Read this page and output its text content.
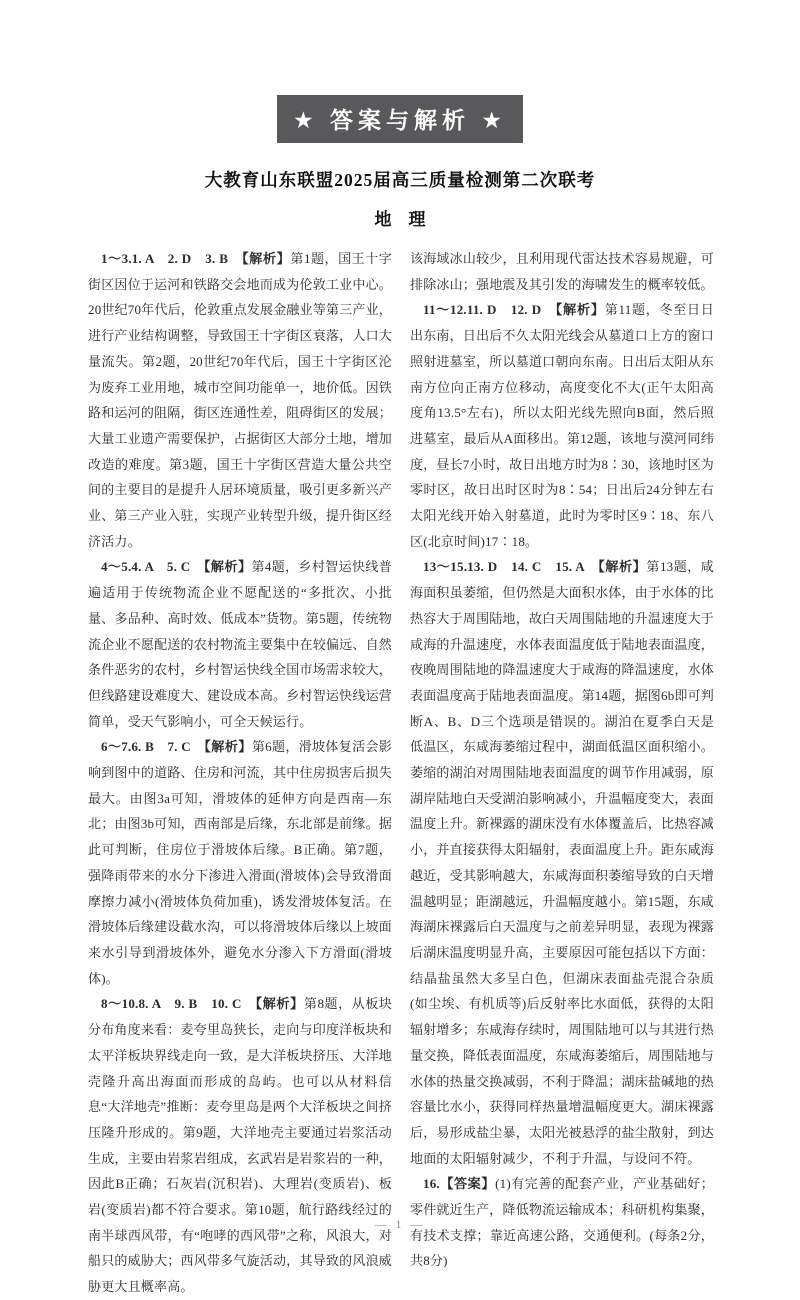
★ 答案与解析 ★
大教育山东联盟2025届高三质量检测第二次联考
地　理

1～3.1. A　2. D　3. B　【解析】第1题，国王十字街区因位于运河和铁路交会地而成为伦敦工业中心。20世纪70年代后，伦敦重点发展金融业等第三产业，进行产业结构调整，导致国王十字街区衰落，人口大量流失。第2题，20世纪70年代后，国王十字街区沦为废弃工业用地，城市空间功能单一，地价低。因铁路和运河的阻隔，街区连通性差，阻碍街区的发展；大量工业遗产需要保护，占据街区大部分土地，增加改造的难度。第3题，国王十字街区营造大量公共空间的主要目的是提升人居环境质量，吸引更多新兴产业、第三产业入驻，实现产业转型升级，提升街区经济活力。

4～5.4. A　5. C　【解析】第4题，乡村智运快线普遍适用于传统物流企业不愿配送的“多批次、小批量、多品种、高时效、低成本”货物。第5题，传统物流企业不愿配送的农村物流主要集中在较偏远、自然条件恶劣的农村，乡村智运快线全国市场需求较大，但线路建设难度大、建设成本高。乡村智运快线运营简单，受天气影响小，可全天候运行。

6～7.6. B　7. C　【解析】第6题，滑坡体复活会影响到图中的道路、住房和河流，其中住房损害后损失最大。由图3a可知，滑坡体的延伸方向是西南—东北；由图3b可知，西南部是后缘，东北部是前缘。据此可判断，住房位于滑坡体后缘。B正确。第7题，强降雨带来的水分下渗进入滑面(滑坡体)会导致滑面摩擦力减小(滑坡体负荷加重)，诱发滑坡体复活。在滑坡体后缘建设截水沟，可以将滑坡体后缘以上坡面来水引导到滑坡体外，避免水分渗入下方滑面(滑坡体)。

8～10.8. A　9. B　10. C　【解析】第8题，从板块分布角度来看：麦夸里岛狭长，走向与印度洋板块和太平洋板块界线走向一致，是大洋板块挤压、大洋地壳隆升高出海面而形成的岛屿。也可以从材料信息“大洋地壳”推断：麦夸里岛是两个大洋板块之间挤压隆升形成的。第9题，大洋地壳主要通过岩浆活动生成，主要由岩浆岩组成，玄武岩是岩浆岩的一种，因此B正确；石灰岩(沉积岩)、大理岩(变质岩)、板岩(变质岩)都不符合要求。第10题，航行路线经过的南半球西风带，有“咆哮的西风带”之称，风浪大，对船只的威胁大；西风带多气旋活动，其导致的风浪威胁更大且概率高。

该海域冰山较少，且利用现代雷达技术容易规避，可排除冰山；强地震及其引发的海啸发生的概率较低。

11～12.11. D　12. D　【解析】第11题，冬至日日出东南，日出后不久太阳光线会从墓道口上方的窗口照射进墓室，所以墓道口朝向东南。日出后太阳从东南方位向正南方位移动，高度变化不大(正午太阳高度角13.5°左右)，所以太阳光线先照向B面，然后照进墓室，最后从A面移出。第12题，该地与漠河同纬度，昼长7小时，故日出地方时为8∶30，该地时区为零时区，故日出时区时为8∶54；日出后24分钟左右太阳光线开始入射墓道，此时为零时区9∶18、东八区(北京时间)17∶18。

13～15.13. D　14. C　15. A　【解析】第13题，咸海面积虽萎缩，但仍然是大面积水体，由于水体的比热容大于周围陆地，故白天周围陆地的升温速度大于咸海的升温速度，水体表面温度低于陆地表面温度，夜晚周围陆地的降温速度大于咸海的降温速度，水体表面温度高于陆地表面温度。第14题，据图6b即可判断A、B、D三个选项是错误的。湖泊在夏季白天是低温区，东咸海萎缩过程中，湖面低温区面积缩小。萎缩的湖泊对周围陆地表面温度的调节作用减弱，原湖岸陆地白天受湖泊影响减小，升温幅度变大，表面温度上升。新裸露的湖床没有水体覆盖后，比热容减小，并直接获得太阳辐射，表面温度上升。距东咸海越近，受其影响越大，东咸海面积萎缩导致的白天增温越明显；距湖越远，升温幅度越小。第15题，东咸海湖床裸露后白天温度与之前差异明显，表现为裸露后湖床温度明显升高，主要原因可能包括以下方面：结晶盐虽然大多呈白色，但湖床表面盐壳混合杂质(如尘埃、有机质等)后反射率比水面低，获得的太阳辐射增多；东咸海存续时，周围陆地可以与其进行热量交换，降低表面温度，东咸海萎缩后，周围陆地与水体的热量交换减弱，不利于降温；湖床盐碱地的热容量比水小，获得同样热量增温幅度更大。湖床裸露后，易形成盐尘暴，太阳光被悬浮的盐尘散射，到达地面的太阳辐射减少，不利于升温，与设问不符。

16.【答案】(1)有完善的配套产业，产业基础好；零件就近生产，降低物流运输成本；科研机构集聚，有技术支撑；靠近高速公路，交通便利。(每条2分，共8分)

— 1 —
